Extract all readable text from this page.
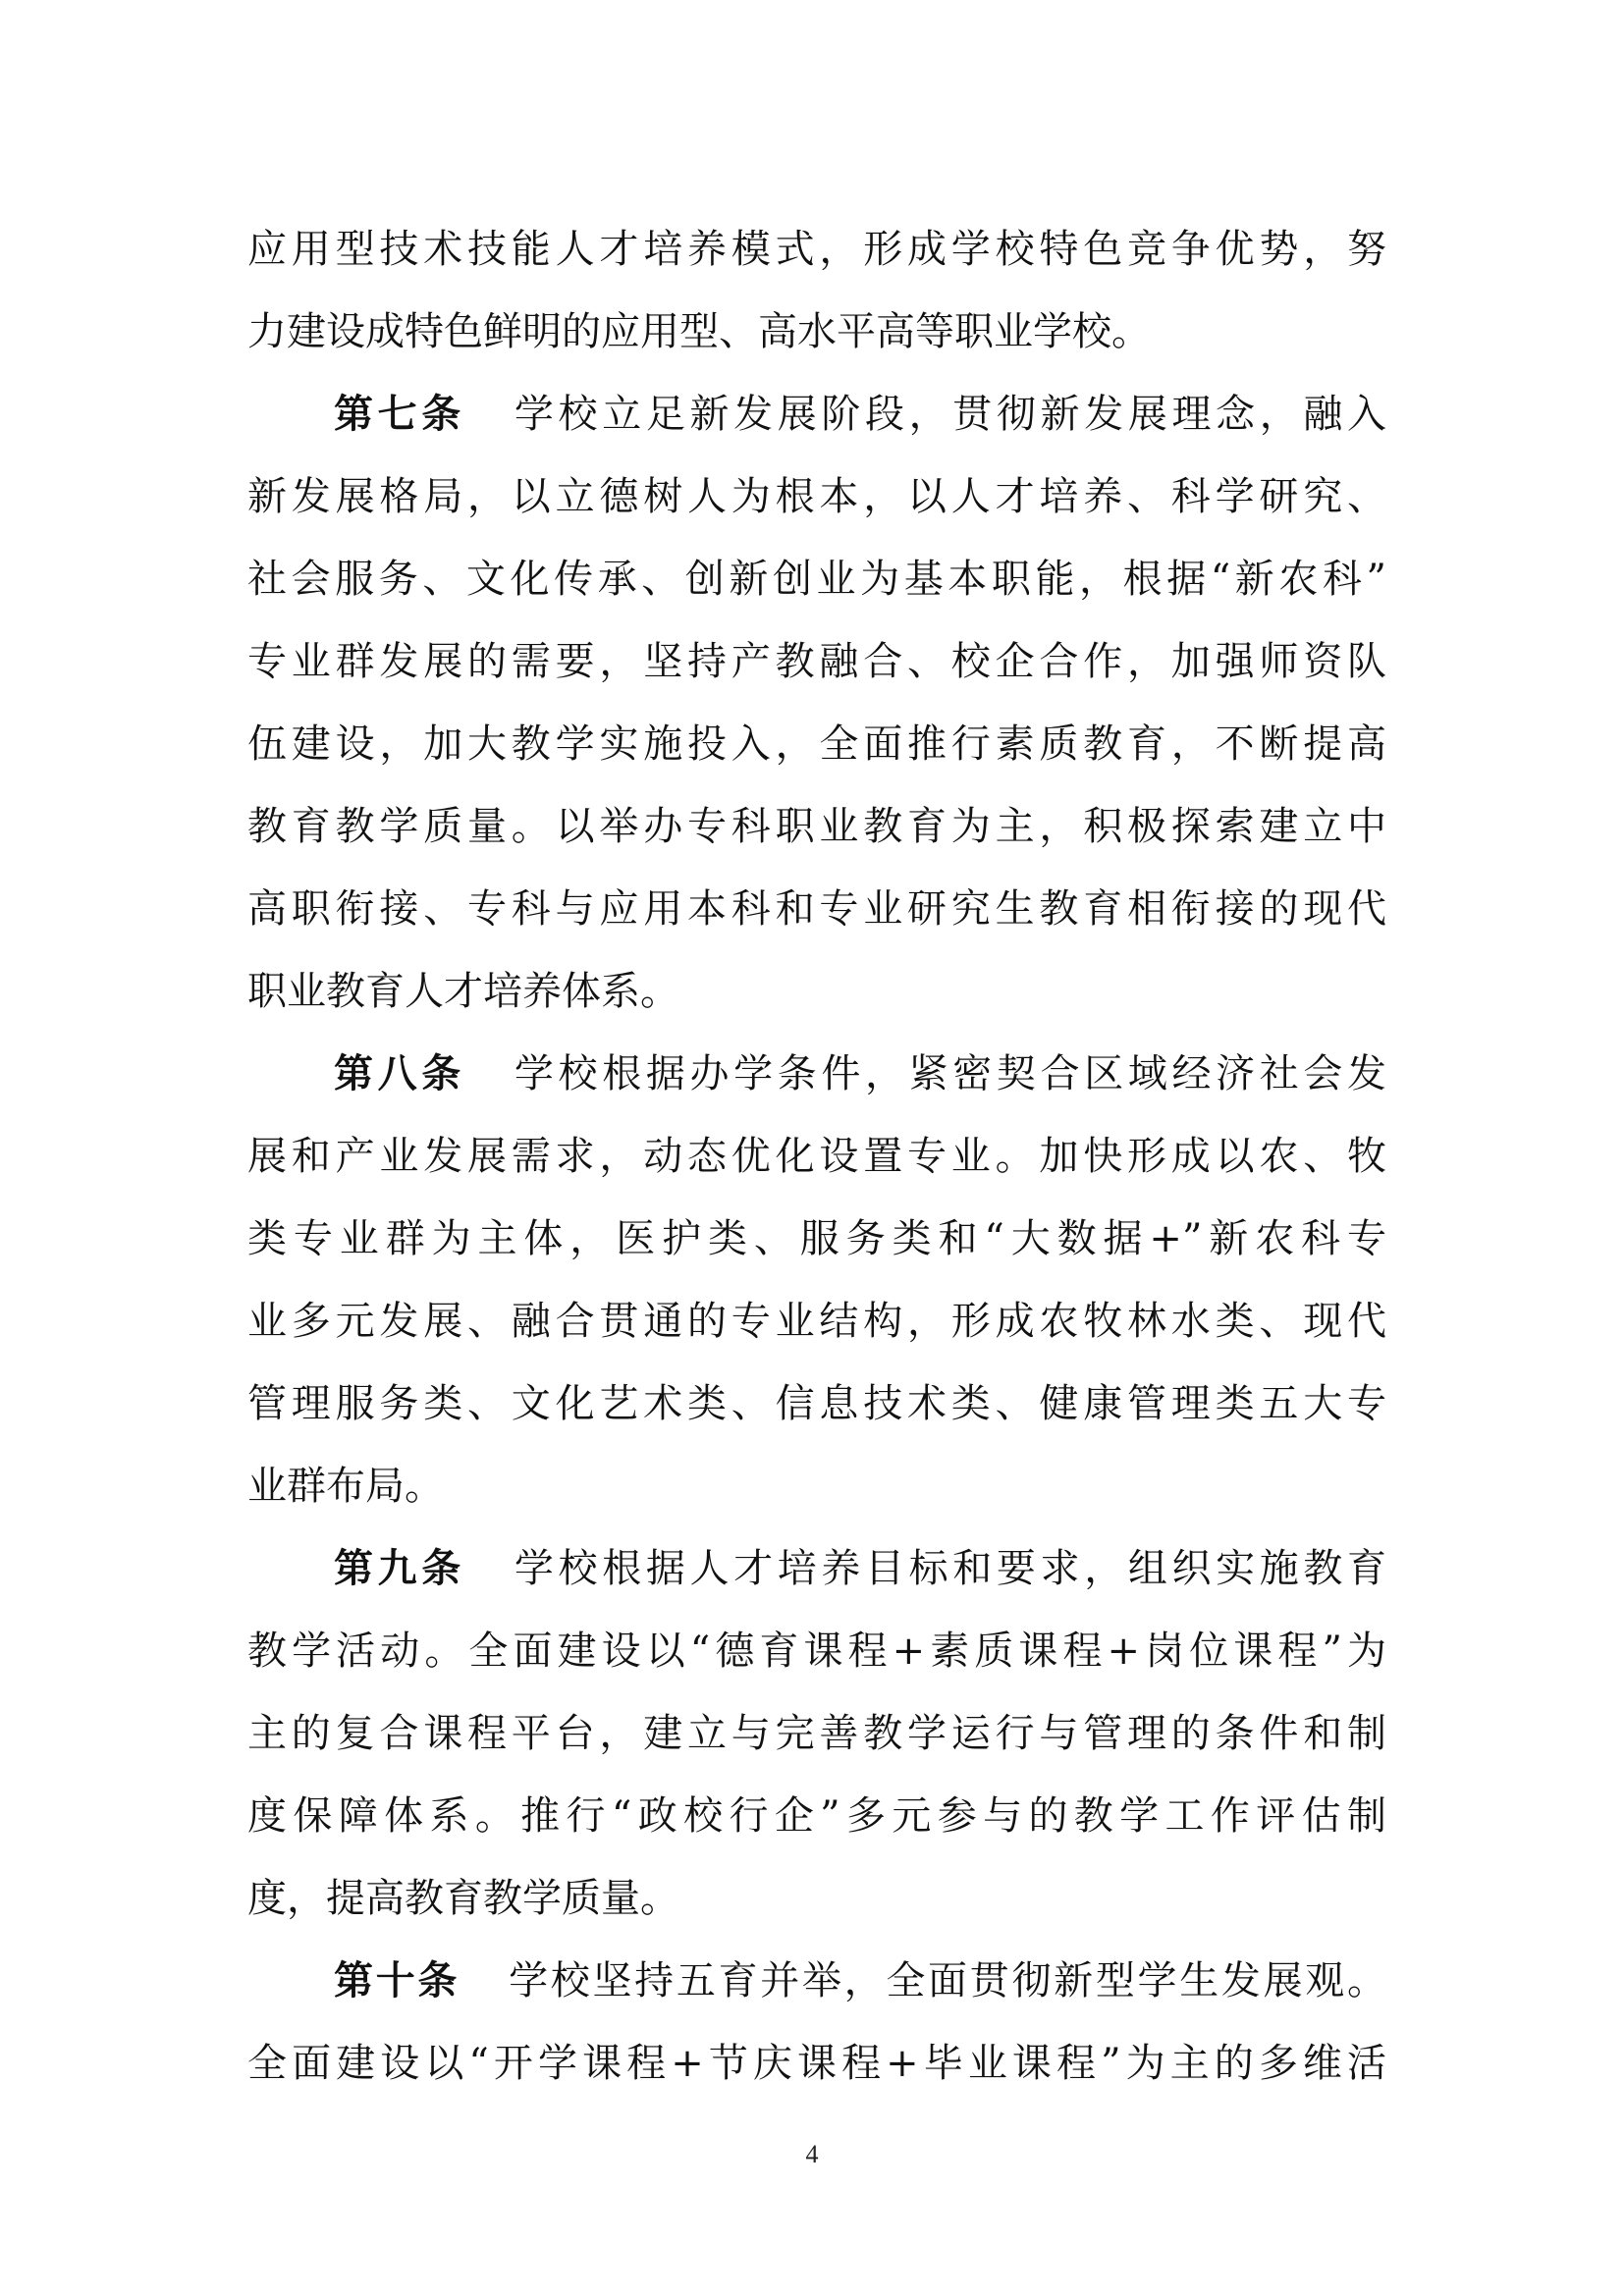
应用型技术技能人才培养模式，形成学校特色竞争优势，努
力建设成特色鲜明的应用型、高水平高等职业学校。
第七条 学校立足新发展阶段，贯彻新发展理念，融入
新发展格局，以立德树人为根本，以人才培养、科学研究、
社会服务、文化传承、创新创业为基本职能，根据“新农科”
专业群发展的需要，坚持产教融合、校企合作，加强师资队
伍建设，加大教学实施投入，全面推行素质教育，不断提高
教育教学质量。以举办专科职业教育为主，积极探索建立中
高职衔接、专科与应用本科和专业研究生教育相衔接的现代
职业教育人才培养体系。
第八条 学校根据办学条件，紧密契合区域经济社会发
展和产业发展需求，动态优化设置专业。加快形成以农、牧
类专业群为主体，医护类、服务类和“大数据+”新农科专
业多元发展、融合贯通的专业结构，形成农牧林水类、现代
管理服务类、文化艺术类、信息技术类、健康管理类五大专
业群布局。
第九条 学校根据人才培养目标和要求，组织实施教育
教学活动。全面建设以“德育课程+素质课程+岗位课程”为
主的复合课程平台，建立与完善教学运行与管理的条件和制
度保障体系。推行“政校行企”多元参与的教学工作评估制
度，提高教育教学质量。
第十条 学校坚持五育并举，全面贯彻新型学生发展观。
全面建设以“开学课程+节庆课程+毕业课程”为主的多维活
4
